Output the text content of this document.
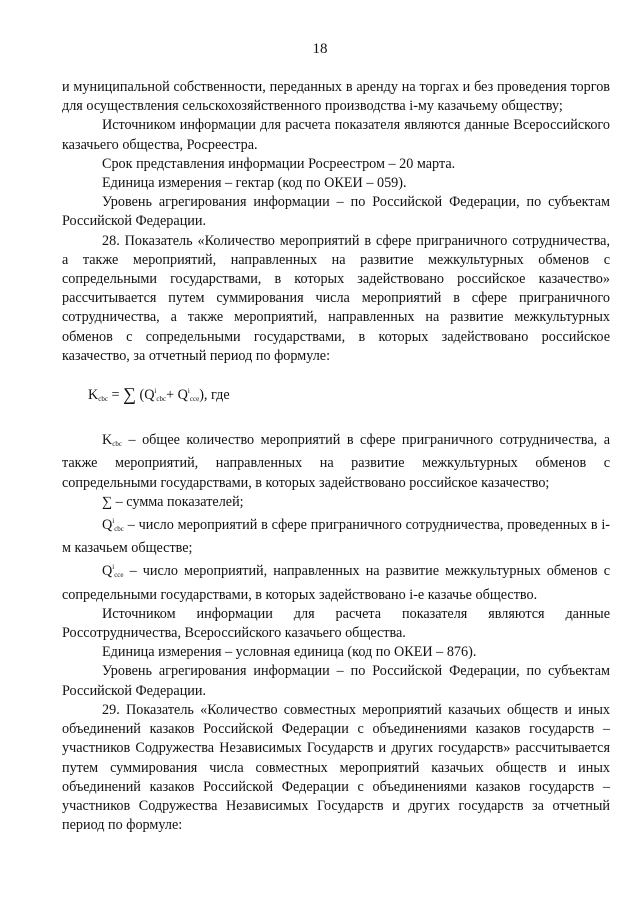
18

и муниципальной собственности, переданных в аренду на торгах и без проведения торгов для осуществления сельскохозяйственного производства i-му казачьему обществу;

Источником информации для расчета показателя являются данные Всероссийского казачьего общества, Росреестра.

Срок представления информации Росреестром – 20 марта.

Единица измерения – гектар (код по ОКЕИ – 059).

Уровень агрегирования информации – по Российской Федерации, по субъектам Российской Федерации.

28. Показатель «Количество мероприятий в сфере приграничного сотрудничества, а также мероприятий, направленных на развитие межкультурных обменов с сопредельными государствами, в которых задействовано российское казачество» рассчитывается путем суммирования числа мероприятий в сфере приграничного сотрудничества, а также мероприятий, направленных на развитие межкультурных обменов с сопредельными государствами, в которых задействовано российское казачество, за отчетный период по формуле:

$K_{сbc}$ = ∑ $(Q^i_{cbc}+ Q^i_{cce})$, где

$K_{cbc}$ – общее количество мероприятий в сфере приграничного сотрудничества, а также мероприятий, направленных на развитие межкультурных обменов с сопредельными государствами, в которых задействовано российское казачество;

∑ – сумма показателей;

$Q^i_{cbc}$ – число мероприятий в сфере приграничного сотрудничества, проведенных в i-м казачьем обществе;

$Q^i_{cce}$ – число мероприятий, направленных на развитие межкультурных обменов с сопредельными государствами, в которых задействовано i-е казачье общество.

Источником информации для расчета показателя являются данные Россотрудничества, Всероссийского казачьего общества.

Единица измерения – условная единица (код по ОКЕИ – 876).

Уровень агрегирования информации – по Российской Федерации, по субъектам Российской Федерации.

29. Показатель «Количество совместных мероприятий казачьих обществ и иных объединений казаков Российской Федерации с объединениями казаков государств – участников Содружества Независимых Государств и других государств» рассчитывается путем суммирования числа совместных мероприятий казачьих обществ и иных объединений казаков Российской Федерации с объединениями казаков государств – участников Содружества Независимых Государств и других государств за отчетный период по формуле:
